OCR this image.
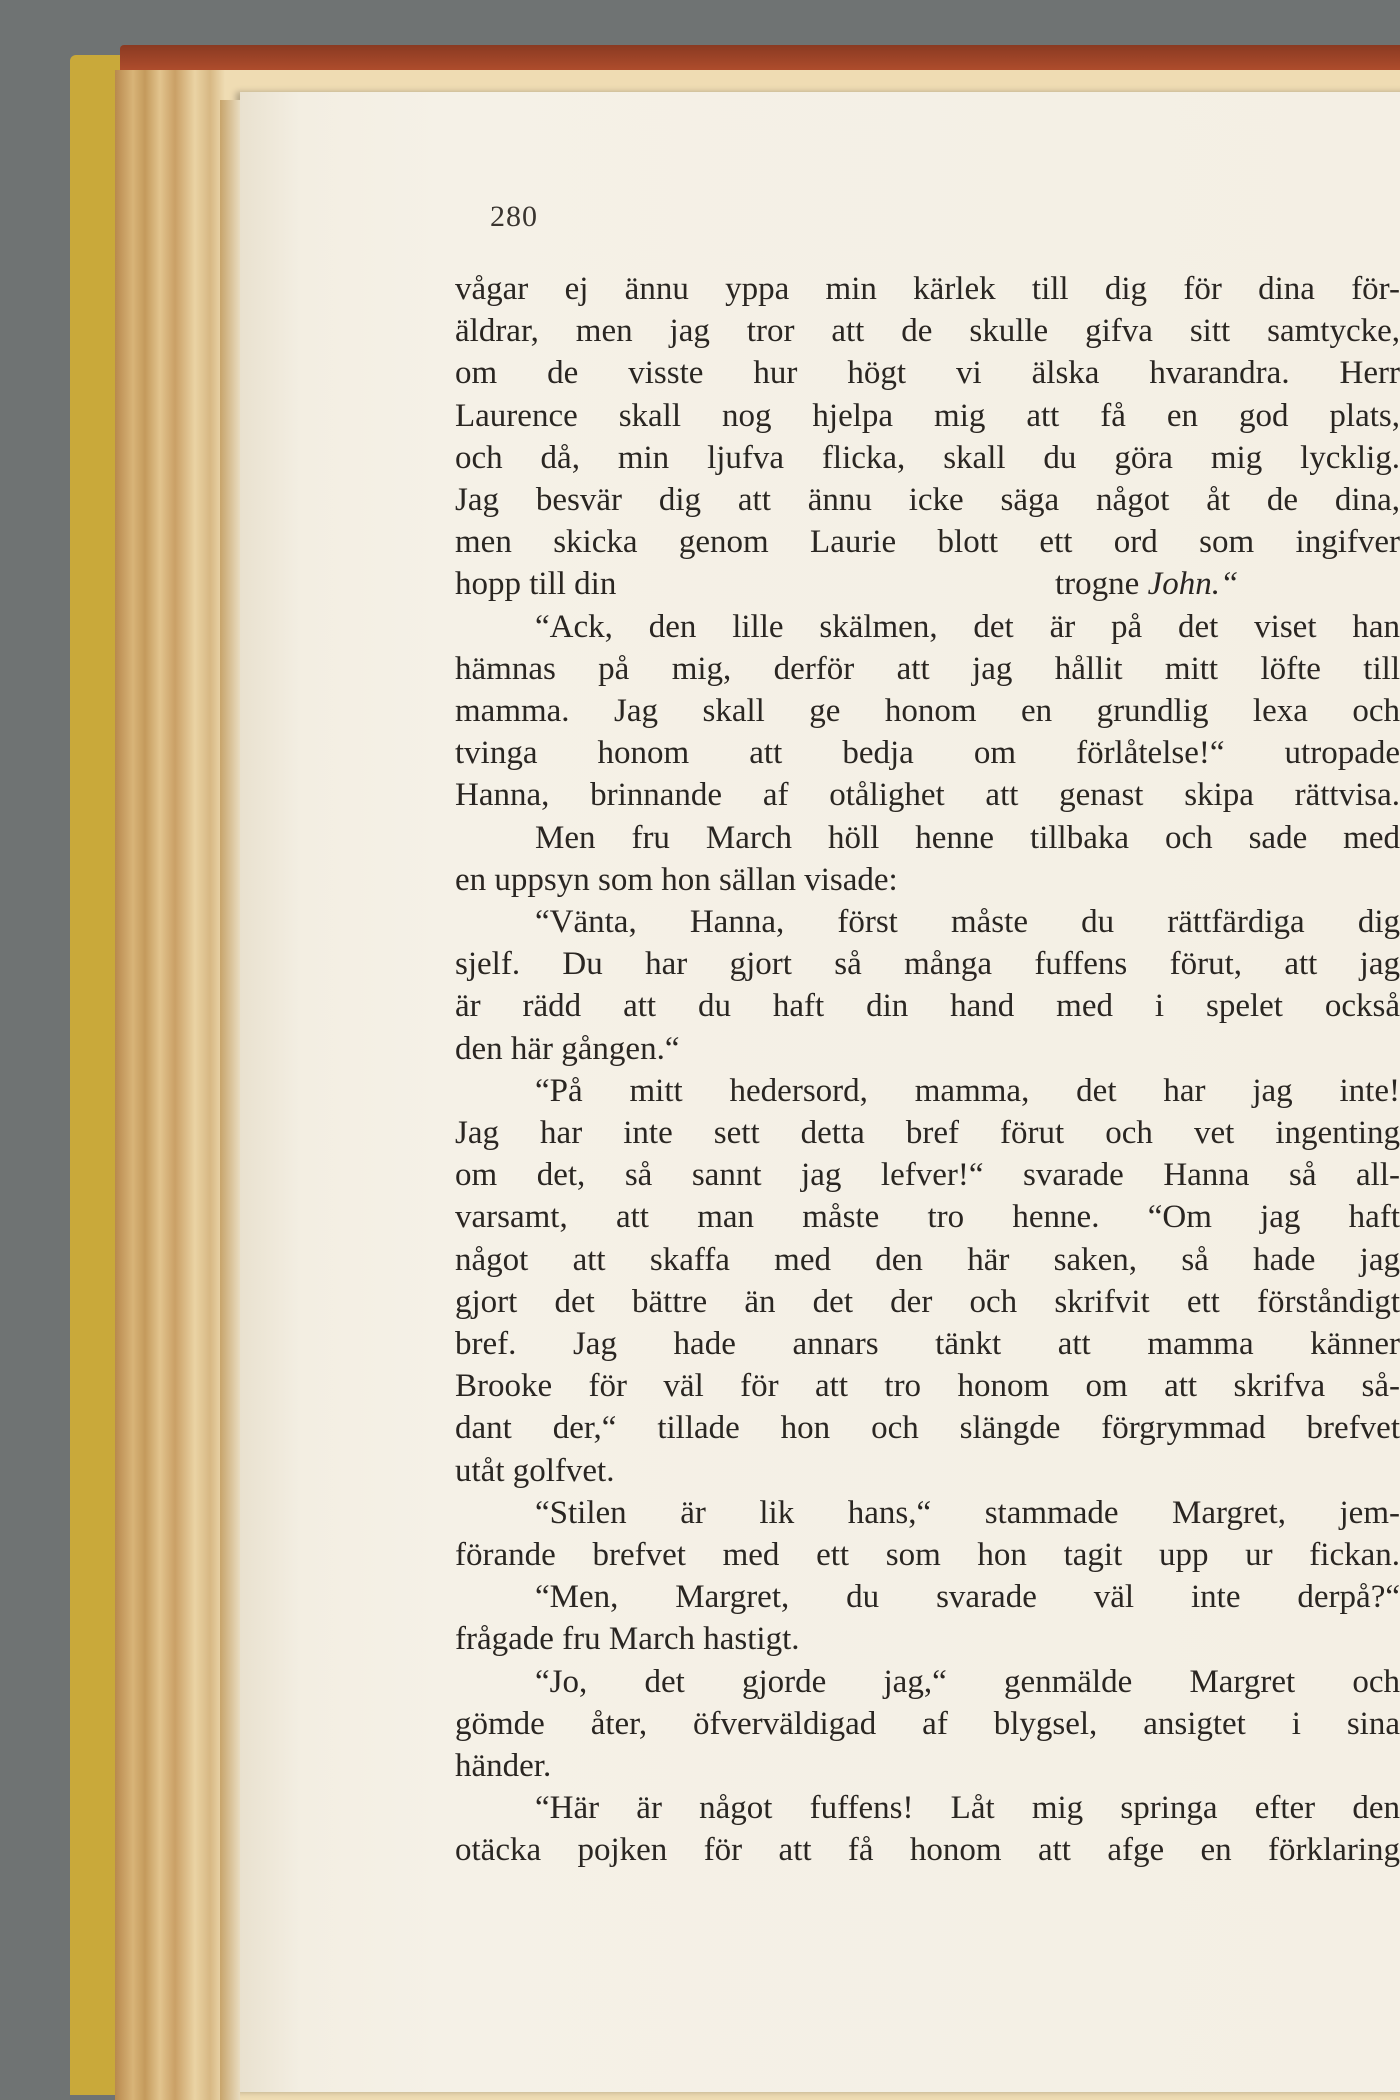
280
vågar ej ännu yppa min kärlek till dig för dina för-
äldrar, men jag tror att de skulle gifva sitt samtycke,
om de visste hur högt vi älska hvarandra. Herr
Laurence skall nog hjelpa mig att få en god plats,
och då, min ljufva flicka, skall du göra mig lycklig.
Jag besvär dig att ännu icke säga något åt de dina,
men skicka genom Laurie blott ett ord som ingifver
hopp till din	trogne John.“
“Ack, den lille skälmen, det är på det viset han
hämnas på mig, derför att jag hållit mitt löfte till
mamma. Jag skall ge honom en grundlig lexa och
tvinga honom att bedja om förlåtelse!“ utropade
Hanna, brinnande af otålighet att genast skipa rättvisa.
Men fru March höll henne tillbaka och sade med
en uppsyn som hon sällan visade:
“Vänta, Hanna, först måste du rättfärdiga dig
sjelf. Du har gjort så många fuffens förut, att jag
är rädd att du haft din hand med i spelet också
den här gången.“
“På mitt hedersord, mamma, det har jag inte!
Jag har inte sett detta bref förut och vet ingenting
om det, så sannt jag lefver!“ svarade Hanna så all-
varsamt, att man måste tro henne. “Om jag haft
något att skaffa med den här saken, så hade jag
gjort det bättre än det der och skrifvit ett förståndigt
bref. Jag hade annars tänkt att mamma känner
Brooke för väl för att tro honom om att skrifva så-
dant der,“ tillade hon och slängde förgrymmad brefvet
utåt golfvet.
“Stilen är lik hans,“ stammade Margret, jem-
förande brefvet med ett som hon tagit upp ur fickan.
“Men, Margret, du svarade väl inte derpå?“
frågade fru March hastigt.
“Jo, det gjorde jag,“ genmälde Margret och
gömde åter, öfverväldigad af blygsel, ansigtet i sina
händer.
“Här är något fuffens! Låt mig springa efter den
otäcka pojken för att få honom att afge en förklaring
